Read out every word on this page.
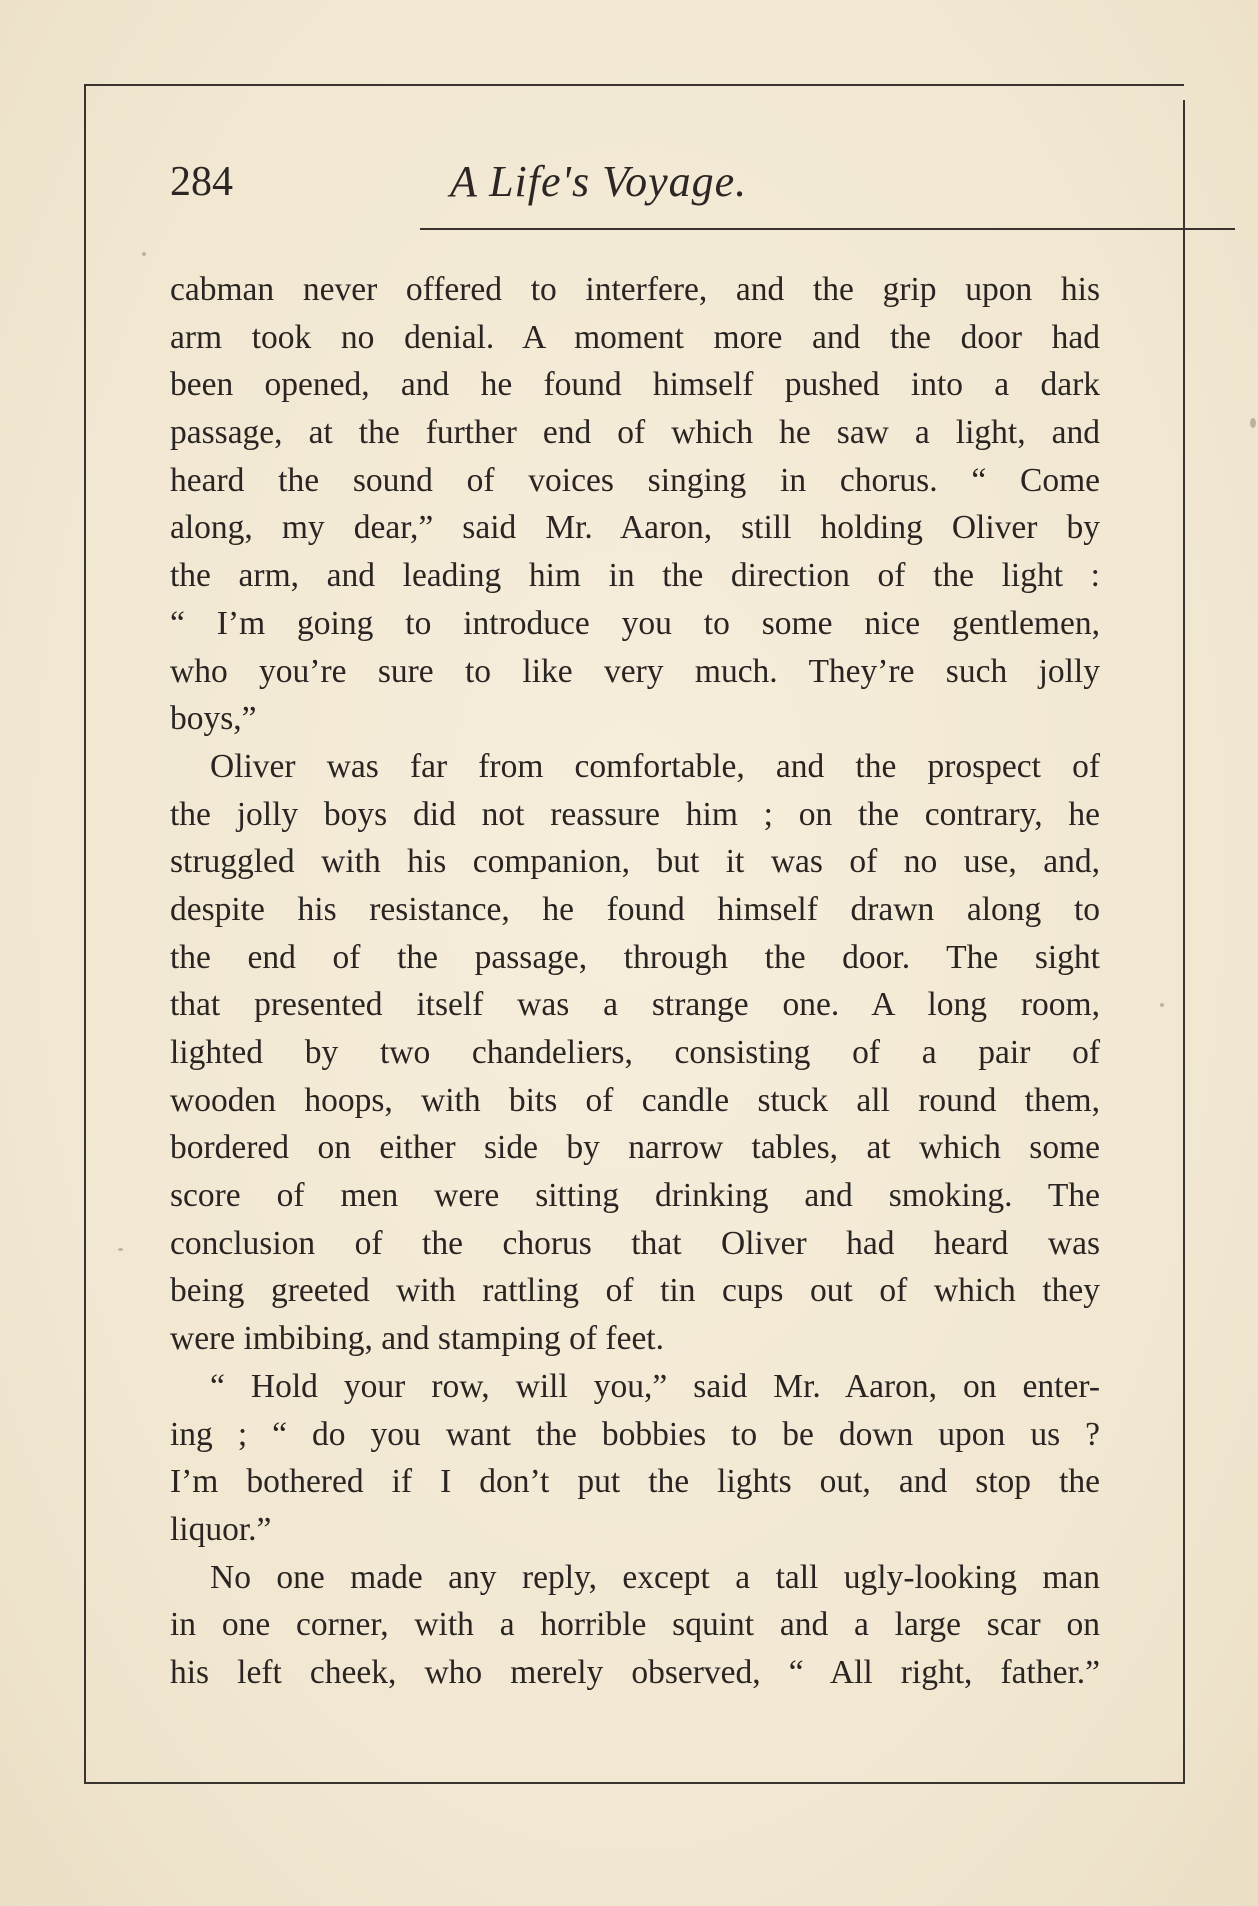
284	A Life's Voyage.
cabman never offered to interfere, and the grip upon his
arm took no denial. A moment more and the door had
been opened, and he found himself pushed into a dark
passage, at the further end of which he saw a light, and
heard the sound of voices singing in chorus. “ Come
along, my dear,” said Mr. Aaron, still holding Oliver by
the arm, and leading him in the direction of the light :
“ I’m going to introduce you to some nice gentlemen,
who you’re sure to like very much. They’re such jolly
boys,”
Oliver was far from comfortable, and the prospect of
the jolly boys did not reassure him ; on the contrary, he
struggled with his companion, but it was of no use, and,
despite his resistance, he found himself drawn along to
the end of the passage, through the door. The sight
that presented itself was a strange one. A long room,
lighted by two chandeliers, consisting of a pair of
wooden hoops, with bits of candle stuck all round them,
bordered on either side by narrow tables, at which some
score of men were sitting drinking and smoking. The
conclusion of the chorus that Oliver had heard was
being greeted with rattling of tin cups out of which they
were imbibing, and stamping of feet.
“ Hold your row, will you,” said Mr. Aaron, on enter-
ing ; “ do you want the bobbies to be down upon us ?
I’m bothered if I don’t put the lights out, and stop the
liquor.”
No one made any reply, except a tall ugly-looking man
in one corner, with a horrible squint and a large scar on
his left cheek, who merely observed, “ All right, father.”
